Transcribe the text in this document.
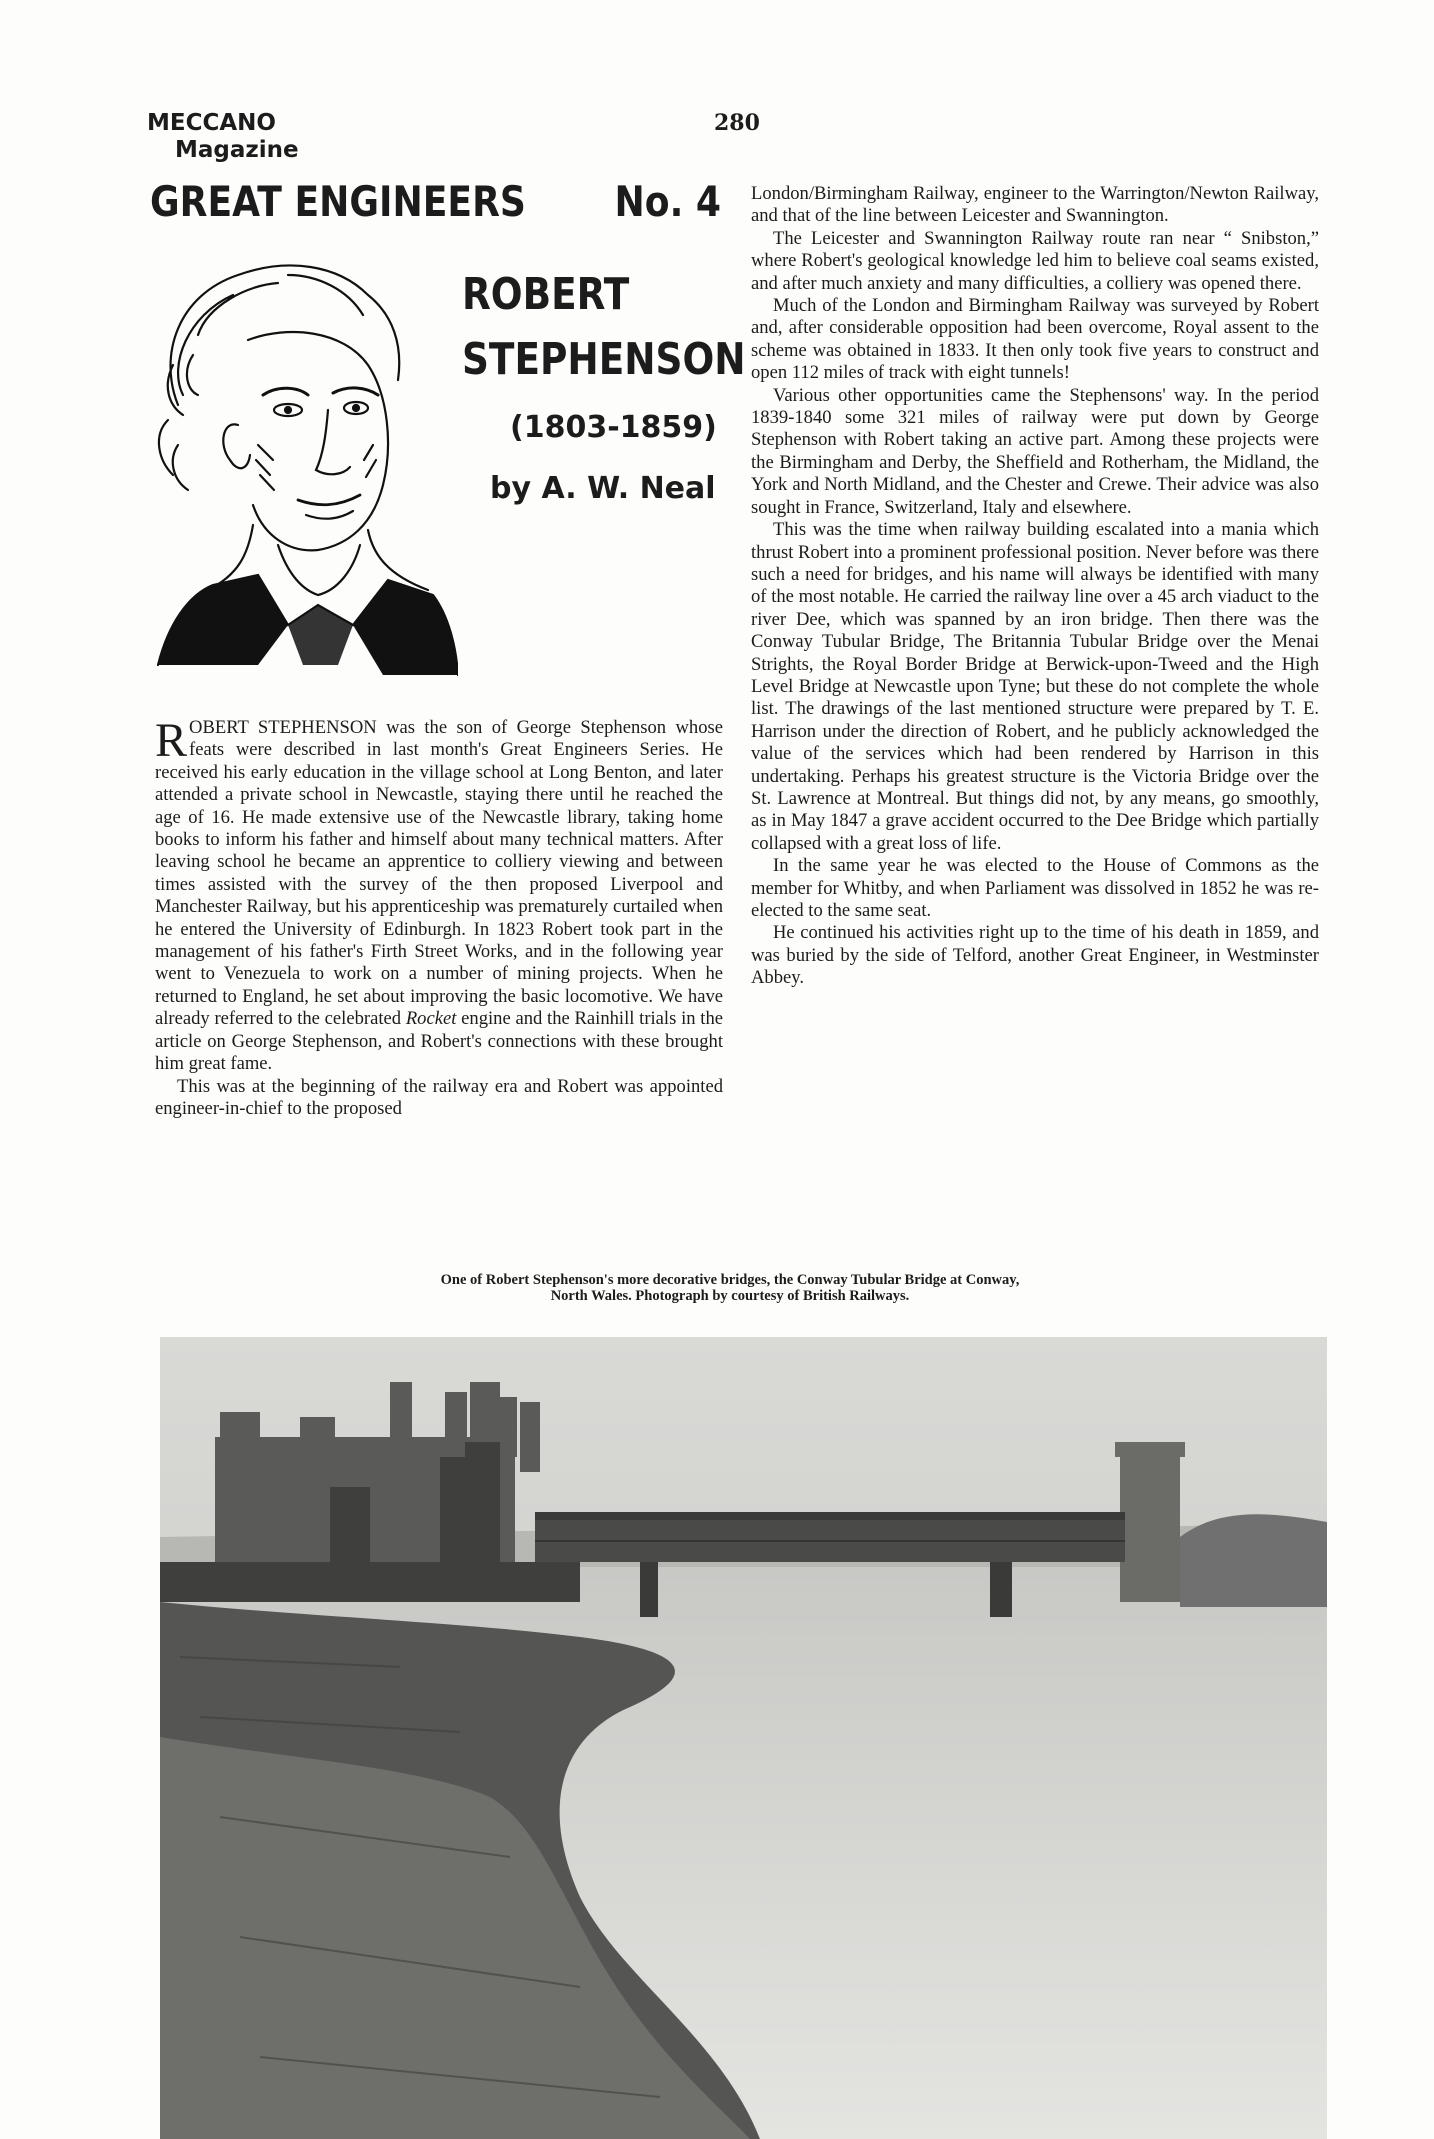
MECCANO
Magazine
280
GREAT ENGINEERS No. 4
ROBERT
STEPHENSON
(1803-1859)
by A. W. Neal

ROBERT STEPHENSON was the son of George Stephenson whose feats were described in last month's Great Engineers Series. He received his early education in the village school at Long Benton, and later attended a private school in Newcastle, staying there until he reached the age of 16. He made extensive use of the Newcastle library, taking home books to inform his father and himself about many technical matters. After leaving school he became an apprentice to colliery viewing and between times assisted with the survey of the then proposed Liverpool and Manchester Railway, but his apprenticeship was prematurely curtailed when he entered the University of Edinburgh. In 1823 Robert took part in the management of his father's Firth Street Works, and in the following year went to Venezuela to work on a number of mining projects. When he returned to England, he set about improving the basic locomotive. We have already referred to the celebrated Rocket engine and the Rainhill trials in the article on George Stephenson, and Robert's connections with these brought him great fame.

This was at the beginning of the railway era and Robert was appointed engineer-in-chief to the proposed

London/Birmingham Railway, engineer to the Warrington/Newton Railway, and that of the line between Leicester and Swannington.

The Leicester and Swannington Railway route ran near “ Snibston,” where Robert's geological knowledge led him to believe coal seams existed, and after much anxiety and many difficulties, a colliery was opened there.

Much of the London and Birmingham Railway was surveyed by Robert and, after considerable opposition had been overcome, Royal assent to the scheme was obtained in 1833. It then only took five years to construct and open 112 miles of track with eight tunnels!

Various other opportunities came the Stephensons' way. In the period 1839-1840 some 321 miles of railway were put down by George Stephenson with Robert taking an active part. Among these projects were the Birmingham and Derby, the Sheffield and Rotherham, the Midland, the York and North Midland, and the Chester and Crewe. Their advice was also sought in France, Switzerland, Italy and elsewhere.

This was the time when railway building escalated into a mania which thrust Robert into a prominent professional position. Never before was there such a need for bridges, and his name will always be identified with many of the most notable. He carried the railway line over a 45 arch viaduct to the river Dee, which was spanned by an iron bridge. Then there was the Conway Tubular Bridge, The Britannia Tubular Bridge over the Menai Strights, the Royal Border Bridge at Berwick-upon-Tweed and the High Level Bridge at Newcastle upon Tyne; but these do not complete the whole list. The drawings of the last mentioned structure were prepared by T. E. Harrison under the direction of Robert, and he publicly acknowledged the value of the services which had been rendered by Harrison in this undertaking. Perhaps his greatest structure is the Victoria Bridge over the St. Lawrence at Montreal. But things did not, by any means, go smoothly, as in May 1847 a grave accident occurred to the Dee Bridge which partially collapsed with a great loss of life.

In the same year he was elected to the House of Commons as the member for Whitby, and when Parliament was dissolved in 1852 he was re-elected to the same seat.

He continued his activities right up to the time of his death in 1859, and was buried by the side of Telford, another Great Engineer, in Westminster Abbey.

One of Robert Stephenson's more decorative bridges, the Conway Tubular Bridge at Conway, North Wales. Photograph by courtesy of British Railways.
